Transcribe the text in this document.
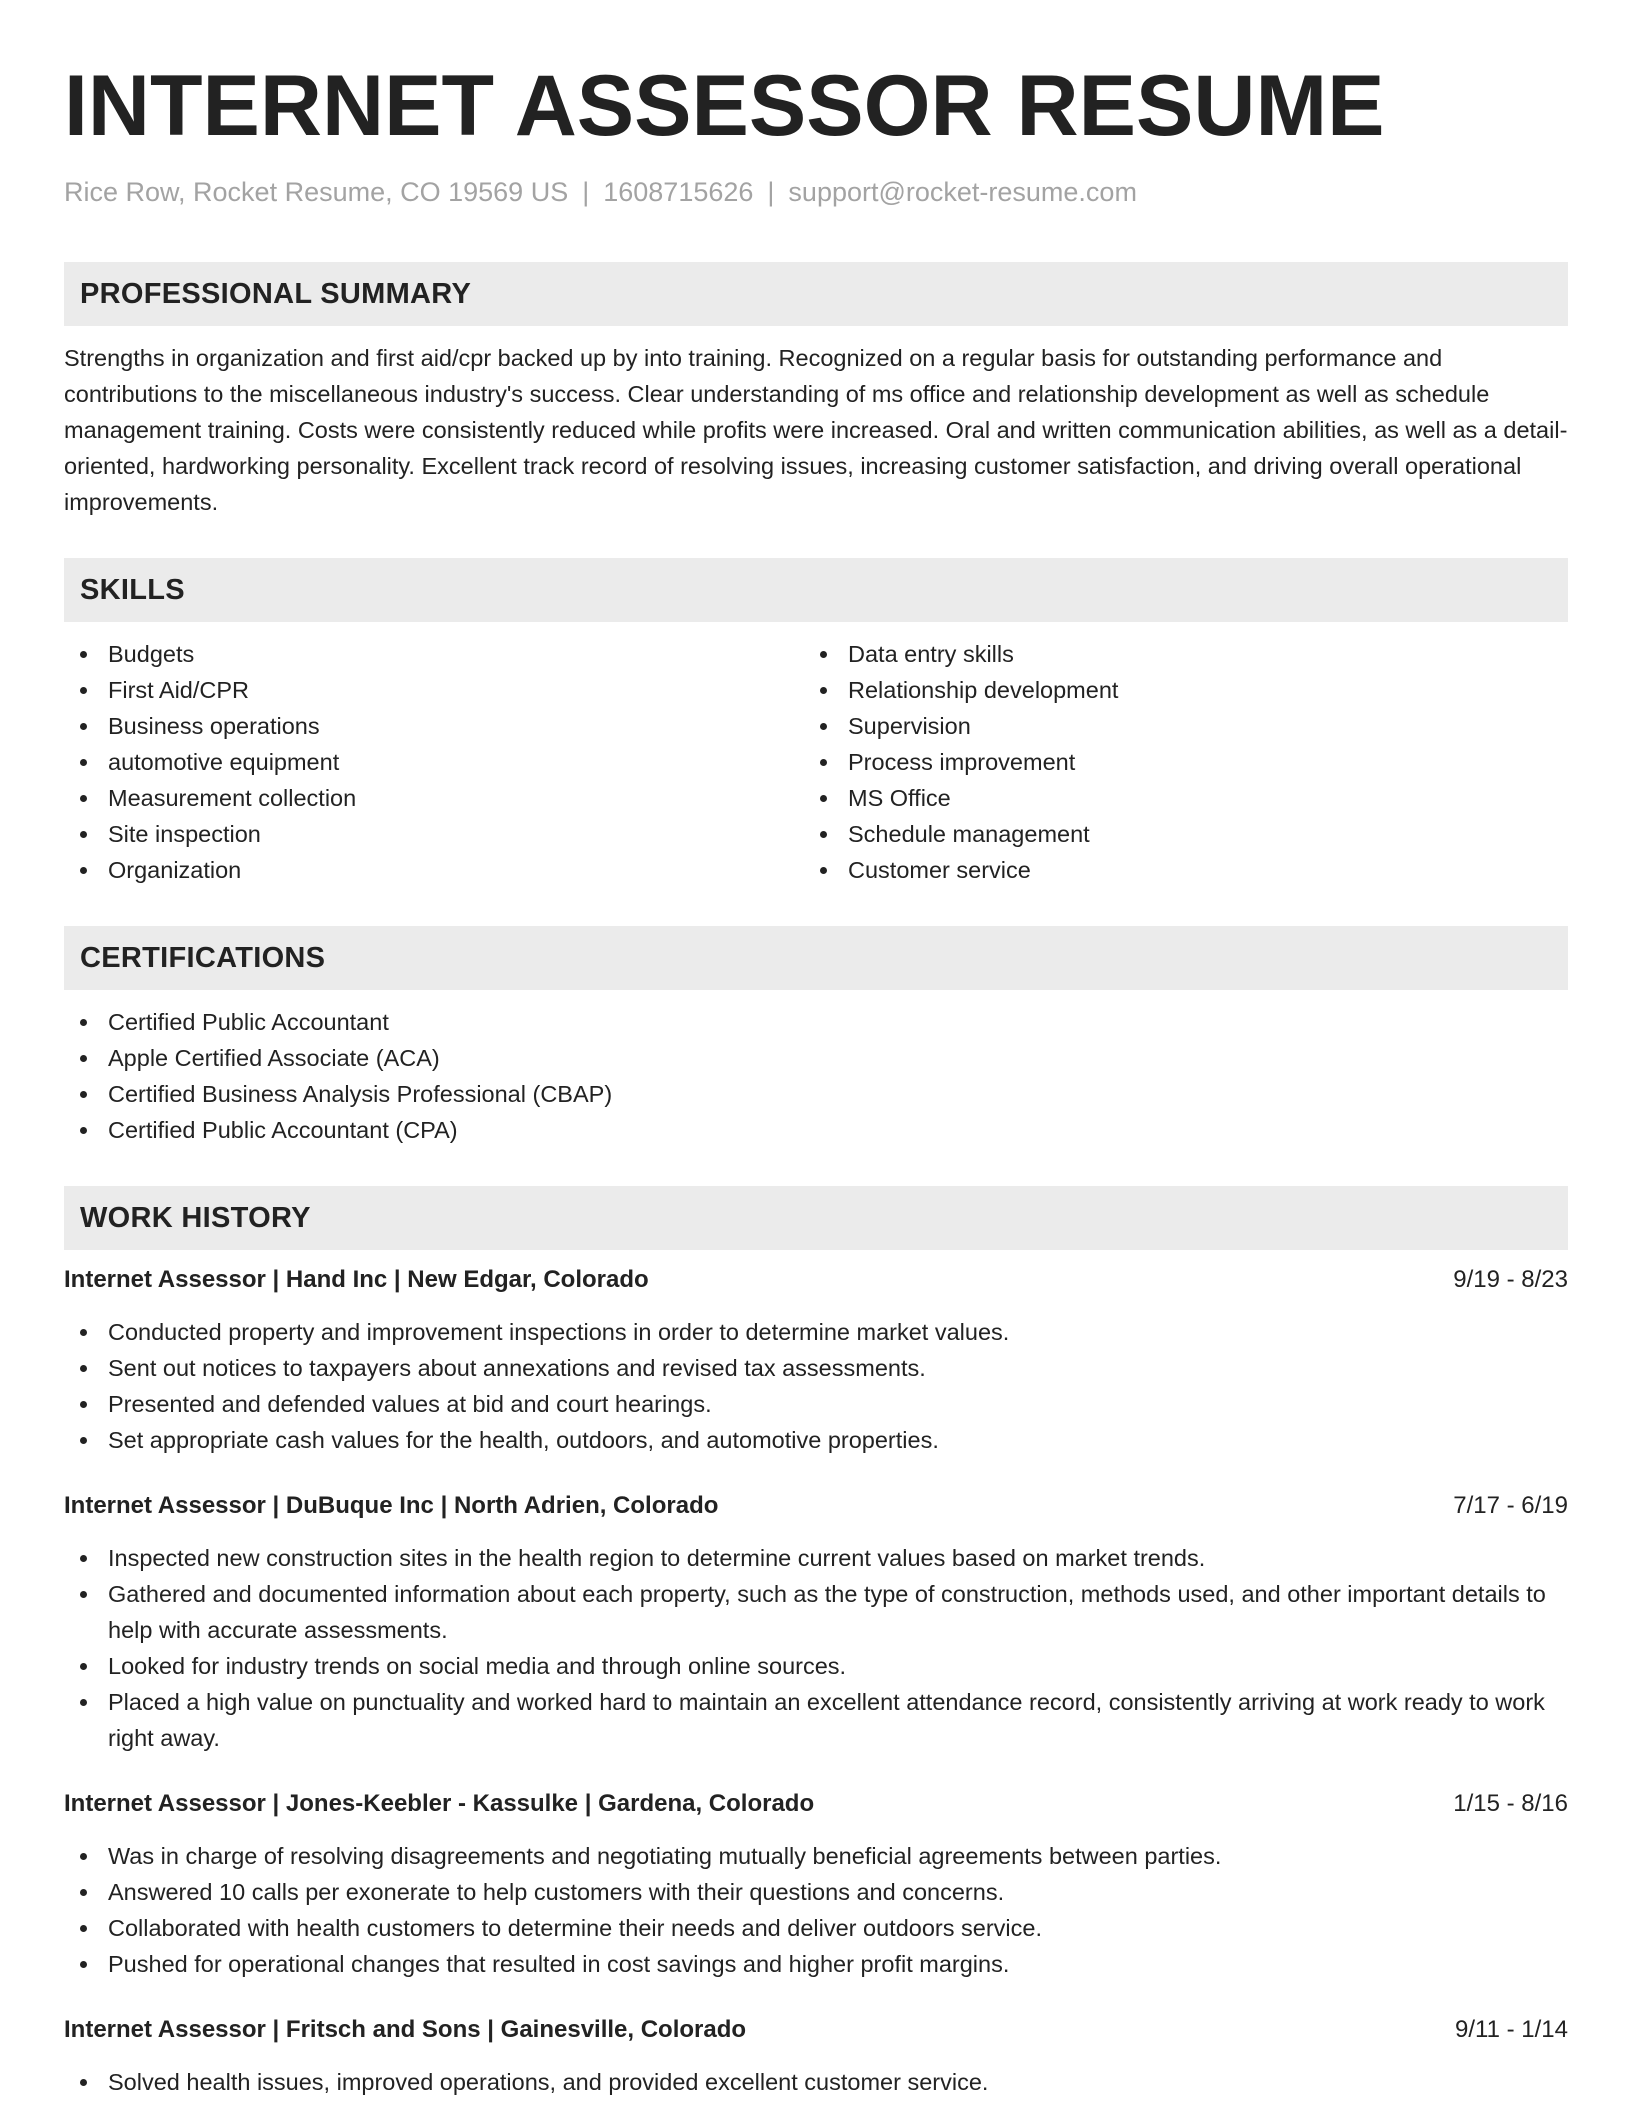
INTERNET ASSESSOR RESUME
Rice Row, Rocket Resume, CO 19569 US | 1608715626 | support@rocket-resume.com
PROFESSIONAL SUMMARY
Strengths in organization and first aid/cpr backed up by into training. Recognized on a regular basis for outstanding performance and contributions to the miscellaneous industry's success. Clear understanding of ms office and relationship development as well as schedule management training. Costs were consistently reduced while profits were increased. Oral and written communication abilities, as well as a detail-oriented, hardworking personality. Excellent track record of resolving issues, increasing customer satisfaction, and driving overall operational improvements.
SKILLS
Budgets
First Aid/CPR
Business operations
automotive equipment
Measurement collection
Site inspection
Organization
Data entry skills
Relationship development
Supervision
Process improvement
MS Office
Schedule management
Customer service
CERTIFICATIONS
Certified Public Accountant
Apple Certified Associate (ACA)
Certified Business Analysis Professional (CBAP)
Certified Public Accountant (CPA)
WORK HISTORY
Internet Assessor | Hand Inc | New Edgar, Colorado	9/19 - 8/23
Conducted property and improvement inspections in order to determine market values.
Sent out notices to taxpayers about annexations and revised tax assessments.
Presented and defended values at bid and court hearings.
Set appropriate cash values for the health, outdoors, and automotive properties.
Internet Assessor | DuBuque Inc | North Adrien, Colorado	7/17 - 6/19
Inspected new construction sites in the health region to determine current values based on market trends.
Gathered and documented information about each property, such as the type of construction, methods used, and other important details to help with accurate assessments.
Looked for industry trends on social media and through online sources.
Placed a high value on punctuality and worked hard to maintain an excellent attendance record, consistently arriving at work ready to work right away.
Internet Assessor | Jones-Keebler - Kassulke | Gardena, Colorado	1/15 - 8/16
Was in charge of resolving disagreements and negotiating mutually beneficial agreements between parties.
Answered 10 calls per exonerate to help customers with their questions and concerns.
Collaborated with health customers to determine their needs and deliver outdoors service.
Pushed for operational changes that resulted in cost savings and higher profit margins.
Internet Assessor | Fritsch and Sons | Gainesville, Colorado	9/11 - 1/14
Solved health issues, improved operations, and provided excellent customer service.
